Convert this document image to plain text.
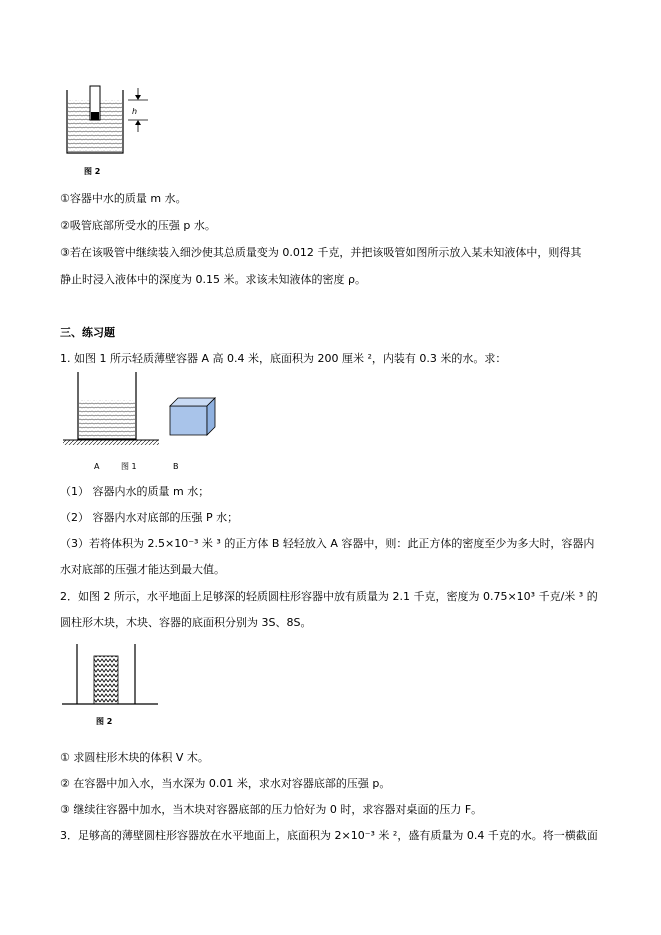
h
图 2
①容器中水的质量 m 水。
②吸管底部所受水的压强 p 水。
③若在该吸管中继续装入细沙使其总质量变为 0.012 千克，并把该吸管如图所示放入某未知液体中，则得其
静止时浸入液体中的深度为 0.15 米。求该未知液体的密度 ρ。
三、练习题
1. 如图 1 所示轻质薄壁容器 A 高 0.4 米，底面积为 200 厘米 ²，内装有 0.3 米的水。求：
A	图 1	B
（1） 容器内水的质量 m 水；
（2） 容器内水对底部的压强 P 水；
（3）若将体积为 2.5×10⁻³ 米 ³ 的正方体 B 轻轻放入 A 容器中，则：此正方体的密度至少为多大时，容器内
水对底部的压强才能达到最大值。
2．如图 2 所示，水平地面上足够深的轻质圆柱形容器中放有质量为 2.1 千克，密度为 0.75×10³ 千克/米 ³ 的
圆柱形木块，木块、容器的底面积分别为 3S、8S。
图 2
① 求圆柱形木块的体积 V 木。
② 在容器中加入水，当水深为 0.01 米，求水对容器底部的压强 p。
③ 继续往容器中加水，当木块对容器底部的压力恰好为 0 时，求容器对桌面的压力 F。
3．足够高的薄壁圆柱形容器放在水平地面上，底面积为 2×10⁻³ 米 ²，盛有质量为 0.4 千克的水。将一横截面
